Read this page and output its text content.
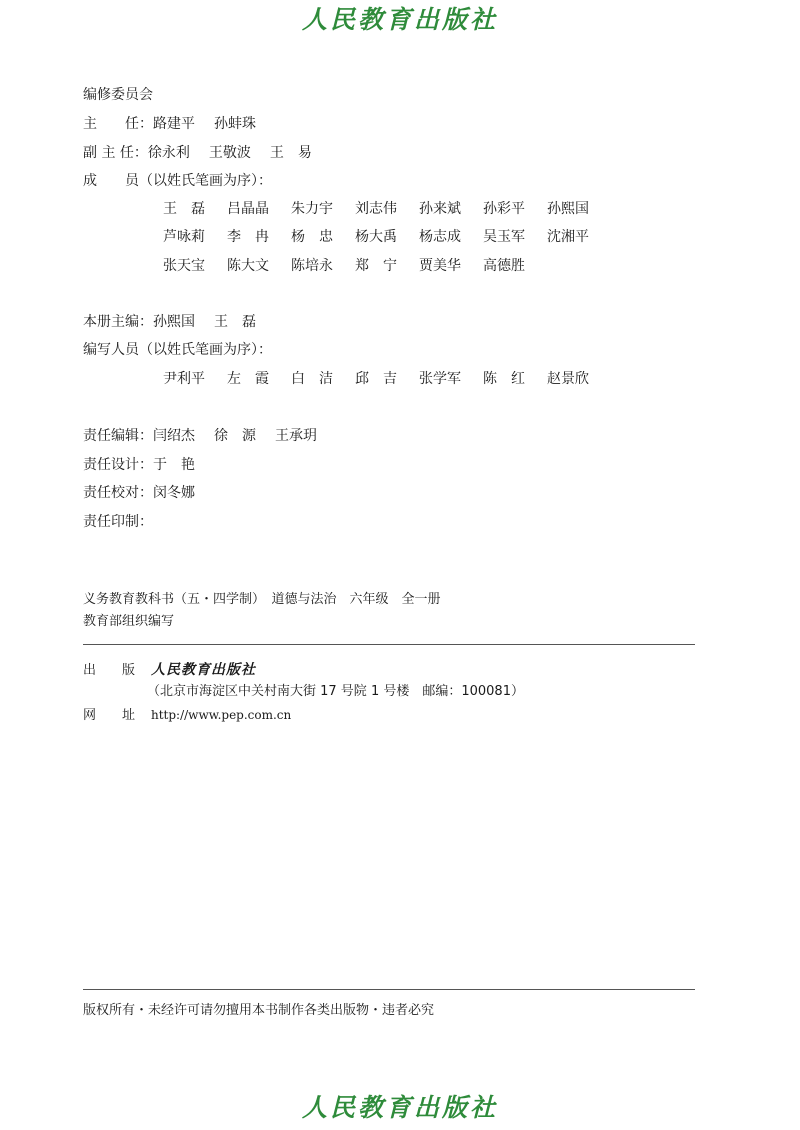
人民教育出版社
编修委员会
主　　任：路建平 孙蚌珠
副 主 任：徐永利 王敬波 王　易
成　　员（以姓氏笔画为序）：
王　磊	吕晶晶	朱力宇	刘志伟	孙来斌	孙彩平	孙熙国
芦咏莉	李　冉	杨　忠	杨大禹	杨志成	吴玉军	沈湘平
张天宝	陈大文	陈培永	郑　宁	贾美华	高德胜
本册主编：孙熙国 王　磊
编写人员（以姓氏笔画为序）：
尹利平	左　霞	白　洁	邱　吉	张学军	陈　红	赵景欣
责任编辑：闫绍杰 徐　源 王承玥
责任设计：于　艳
责任校对：闵冬娜
责任印制：
义务教育教科书（五・四学制）　道德与法治　六年级　全一册
教育部组织编写
出　　版 人民教育出版社
（北京市海淀区中关村南大街 17 号院 1 号楼　邮编：100081）
网　　址 http://www.pep.com.cn
版权所有・未经许可请勿擅用本书制作各类出版物・违者必究
人民教育出版社
